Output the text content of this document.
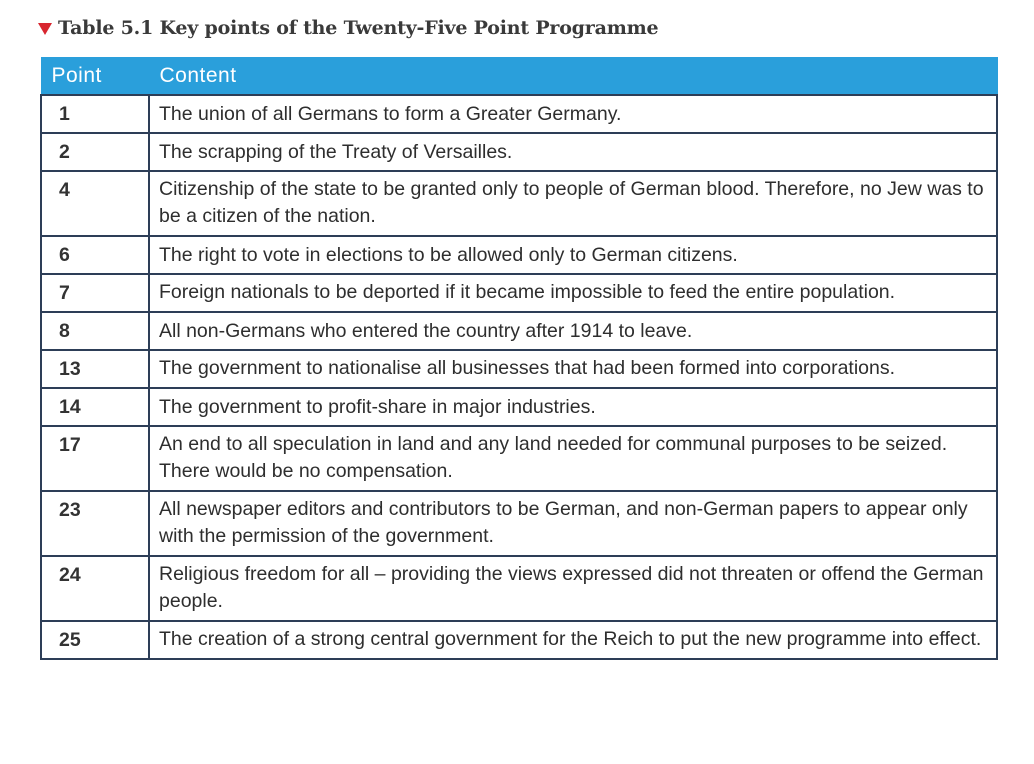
Table 5.1 Key points of the Twenty-Five Point Programme
Point	Content
1	The union of all Germans to form a Greater Germany.
2	The scrapping of the Treaty of Versailles.
4	Citizenship of the state to be granted only to people of German blood. Therefore, no Jew was to be a citizen of the nation.
6	The right to vote in elections to be allowed only to German citizens.
7	Foreign nationals to be deported if it became impossible to feed the entire population.
8	All non-Germans who entered the country after 1914 to leave.
13	The government to nationalise all businesses that had been formed into corporations.
14	The government to profit-share in major industries.
17	An end to all speculation in land and any land needed for communal purposes to be seized. There would be no compensation.
23	All newspaper editors and contributors to be German, and non-German papers to appear only with the permission of the government.
24	Religious freedom for all – providing the views expressed did not threaten or offend the German people.
25	The creation of a strong central government for the Reich to put the new programme into effect.
